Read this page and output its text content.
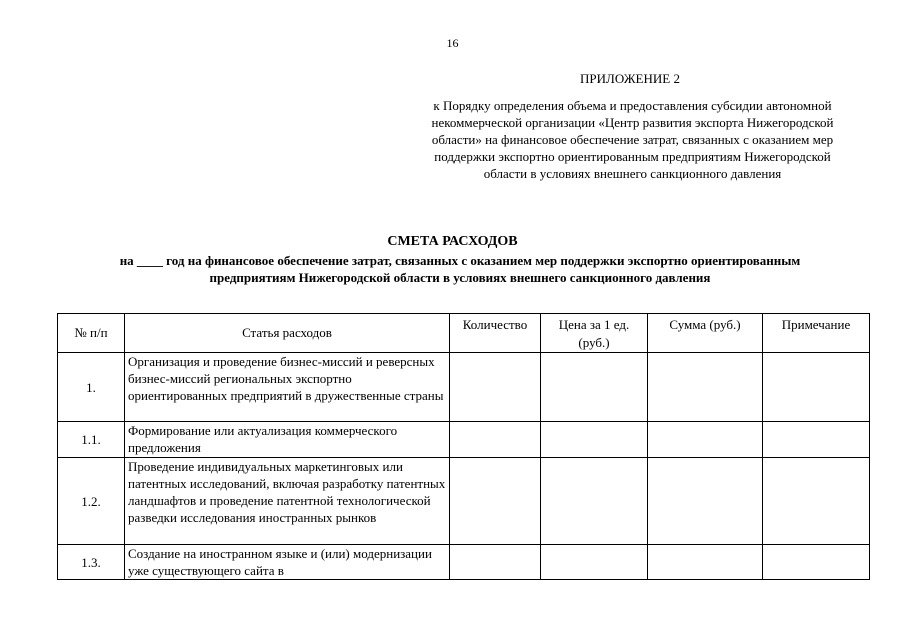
16
ПРИЛОЖЕНИЕ 2
к Порядку определения объема и предоставления субсидии автономной некоммерческой организации «Центр развития экспорта Нижегородской области» на финансовое обеспечение затрат, связанных с оказанием мер поддержки экспортно ориентированным предприятиям Нижегородской области в условиях внешнего санкционного давления
СМЕТА РАСХОДОВ
на ____ год на финансовое обеспечение затрат, связанных с оказанием мер поддержки экспортно ориентированным предприятиям Нижегородской области в условиях внешнего санкционного давления
№ п/п	Статья расходов	Количество	Цена за 1 ед. (руб.)	Сумма (руб.)	Примечание
1.	Организация и проведение бизнес-миссий и реверсных бизнес-миссий региональных экспортно ориентированных предприятий в дружественные страны				
1.1.	Формирование или актуализация коммерческого предложения				
1.2.	Проведение индивидуальных маркетинговых или патентных исследований, включая разработку патентных ландшафтов и проведение патентной технологической разведки исследования иностранных рынков				
1.3.	Создание на иностранном языке и (или) модернизации уже существующего сайта в				
